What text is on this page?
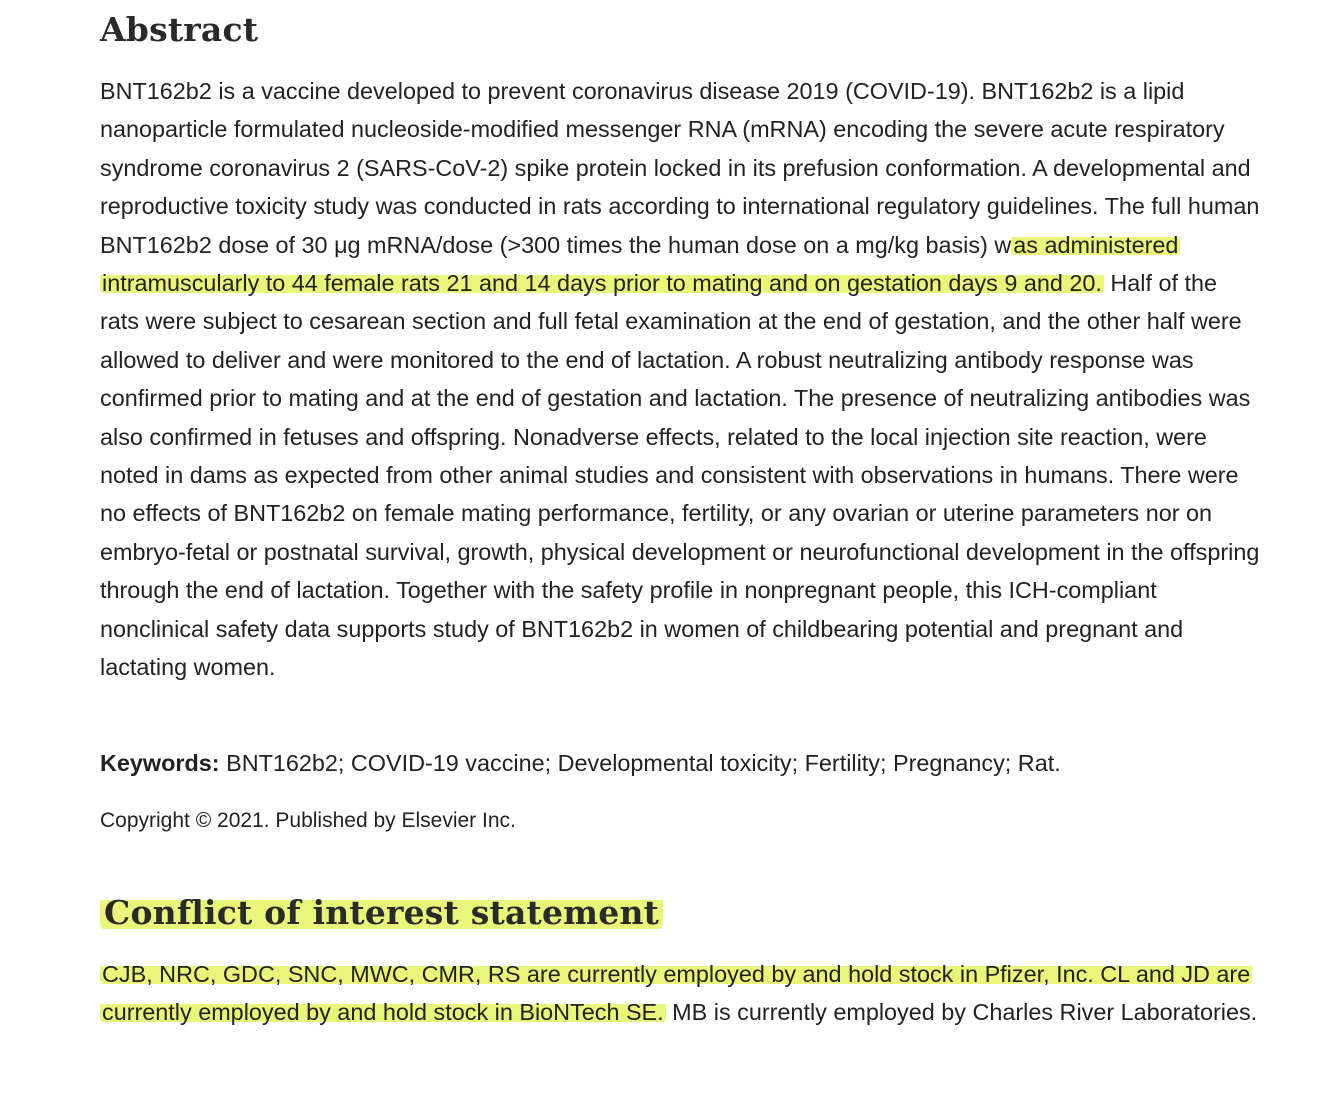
Abstract

BNT162b2 is a vaccine developed to prevent coronavirus disease 2019 (COVID-19). BNT162b2 is a lipid nanoparticle formulated nucleoside-modified messenger RNA (mRNA) encoding the severe acute respiratory syndrome coronavirus 2 (SARS-CoV-2) spike protein locked in its prefusion conformation. A developmental and reproductive toxicity study was conducted in rats according to international regulatory guidelines. The full human BNT162b2 dose of 30 μg mRNA/dose (>300 times the human dose on a mg/kg basis) was administered intramuscularly to 44 female rats 21 and 14 days prior to mating and on gestation days 9 and 20. Half of the rats were subject to cesarean section and full fetal examination at the end of gestation, and the other half were allowed to deliver and were monitored to the end of lactation. A robust neutralizing antibody response was confirmed prior to mating and at the end of gestation and lactation. The presence of neutralizing antibodies was also confirmed in fetuses and offspring. Nonadverse effects, related to the local injection site reaction, were noted in dams as expected from other animal studies and consistent with observations in humans. There were no effects of BNT162b2 on female mating performance, fertility, or any ovarian or uterine parameters nor on embryo-fetal or postnatal survival, growth, physical development or neurofunctional development in the offspring through the end of lactation. Together with the safety profile in nonpregnant people, this ICH-compliant nonclinical safety data supports study of BNT162b2 in women of childbearing potential and pregnant and lactating women.

Keywords: BNT162b2; COVID-19 vaccine; Developmental toxicity; Fertility; Pregnancy; Rat.

Copyright © 2021. Published by Elsevier Inc.

Conflict of interest statement

CJB, NRC, GDC, SNC, MWC, CMR, RS are currently employed by and hold stock in Pfizer, Inc. CL and JD are currently employed by and hold stock in BioNTech SE. MB is currently employed by Charles River Laboratories.
